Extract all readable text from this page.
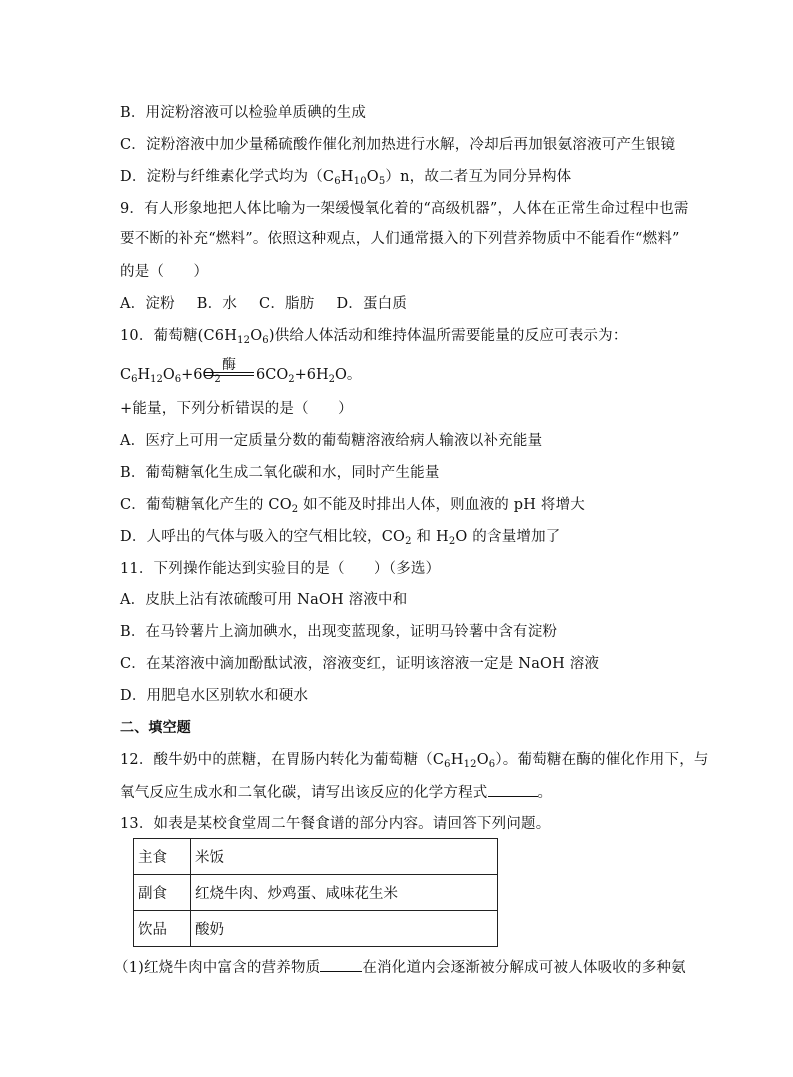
B．用淀粉溶液可以检验单质碘的生成
C．淀粉溶液中加少量稀硫酸作催化剂加热进行水解，冷却后再加银氨溶液可产生银镜
D．淀粉与纤维素化学式均为$(C_6H_{10}O_5)n$，故二者互为同分异构体
9．有人形象地把人体比喻为一架缓慢氧化着的“高级机器”，人体在正常生命过程中也需
要不断的补充“燃料”。依照这种观点，人们通常摄入的下列营养物质中不能看作“燃料”
的是（　　）
A．淀粉 B．水 C．脂肪 D．蛋白质
10．葡萄糖$(C6H_{12}O_6)$供给人体活动和维持体温所需要能量的反应可表示为：
$C_6H_{12}O_6+6O_2$
酶
$6CO_2+6H_2O$。
+能量，下列分析错误的是（　　）
A．医疗上可用一定质量分数的葡萄糖溶液给病人输液以补充能量
B．葡萄糖氧化生成二氧化碳和水，同时产生能量
C．葡萄糖氧化产生的 $CO_2$ 如不能及时排出人体，则血液的 pH 将增大
D．人呼出的气体与吸入的空气相比较，$CO_2$ 和 $H_2O$ 的含量增加了
11．下列操作能达到实验目的是（　　）（多选）
A．皮肤上沾有浓硫酸可用 NaOH 溶液中和
B．在马铃薯片上滴加碘水，出现变蓝现象，证明马铃薯中含有淀粉
C．在某溶液中滴加酚酞试液，溶液变红，证明该溶液一定是 NaOH 溶液
D．用肥皂水区别软水和硬水
二、填空题
12．酸牛奶中的蔗糖，在胃肠内转化为葡萄糖$(C_6H_{12}O_6)$。葡萄糖在酶的催化作用下，与
氧气反应生成水和二氧化碳，请写出该反应的化学方程式	。
13．如表是某校食堂周二午餐食谱的部分内容。请回答下列问题。
主食	米饭
副食	红烧牛肉、炒鸡蛋、咸味花生米
饮品	酸奶
（1)红烧牛肉中富含的营养物质	在消化道内会逐渐被分解成可被人体吸收的多种氨
